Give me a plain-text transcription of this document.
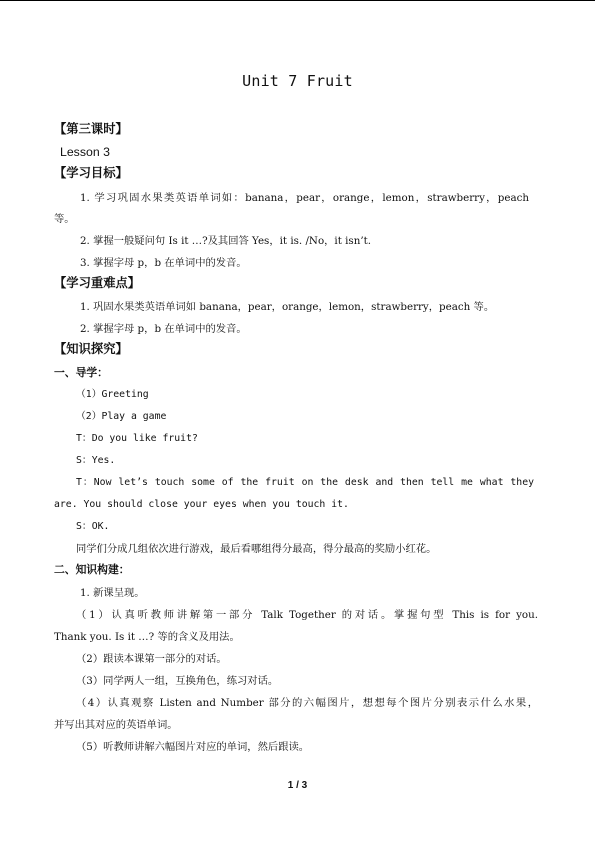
Unit 7 Fruit
【第三课时】
Lesson 3
【学习目标】
1. 学习巩固水果类英语单词如：banana，pear，orange，lemon，strawberry，peach
等。
2. 掌握一般疑问句 Is it …?及其回答 Yes，it is. /No，it isn’t.
3. 掌握字母 p，b 在单词中的发音。
【学习重难点】
1. 巩固水果类英语单词如 banana，pear，orange，lemon，strawberry，peach 等。
2. 掌握字母 p，b 在单词中的发音。
【知识探究】
一、导学：
（1）Greeting
（2）Play a game
T：Do you like fruit?
S：Yes.
T：Now let’s touch some of the fruit on the desk and then tell me what they
are. You should close your eyes when you touch it.
S：OK.
同学们分成几组依次进行游戏，最后看哪组得分最高，得分最高的奖励小红花。
二、知识构建：
1. 新课呈现。
（1）认真听教师讲解第一部分 Talk Together 的对话。掌握句型 This is for you.
Thank you. Is it …? 等的含义及用法。
（2）跟读本课第一部分的对话。
（3）同学两人一组，互换角色，练习对话。
（4）认真观察 Listen and Number 部分的六幅图片，想想每个图片分别表示什么水果，
并写出其对应的英语单词。
（5）听教师讲解六幅图片对应的单词，然后跟读。
1 / 3
